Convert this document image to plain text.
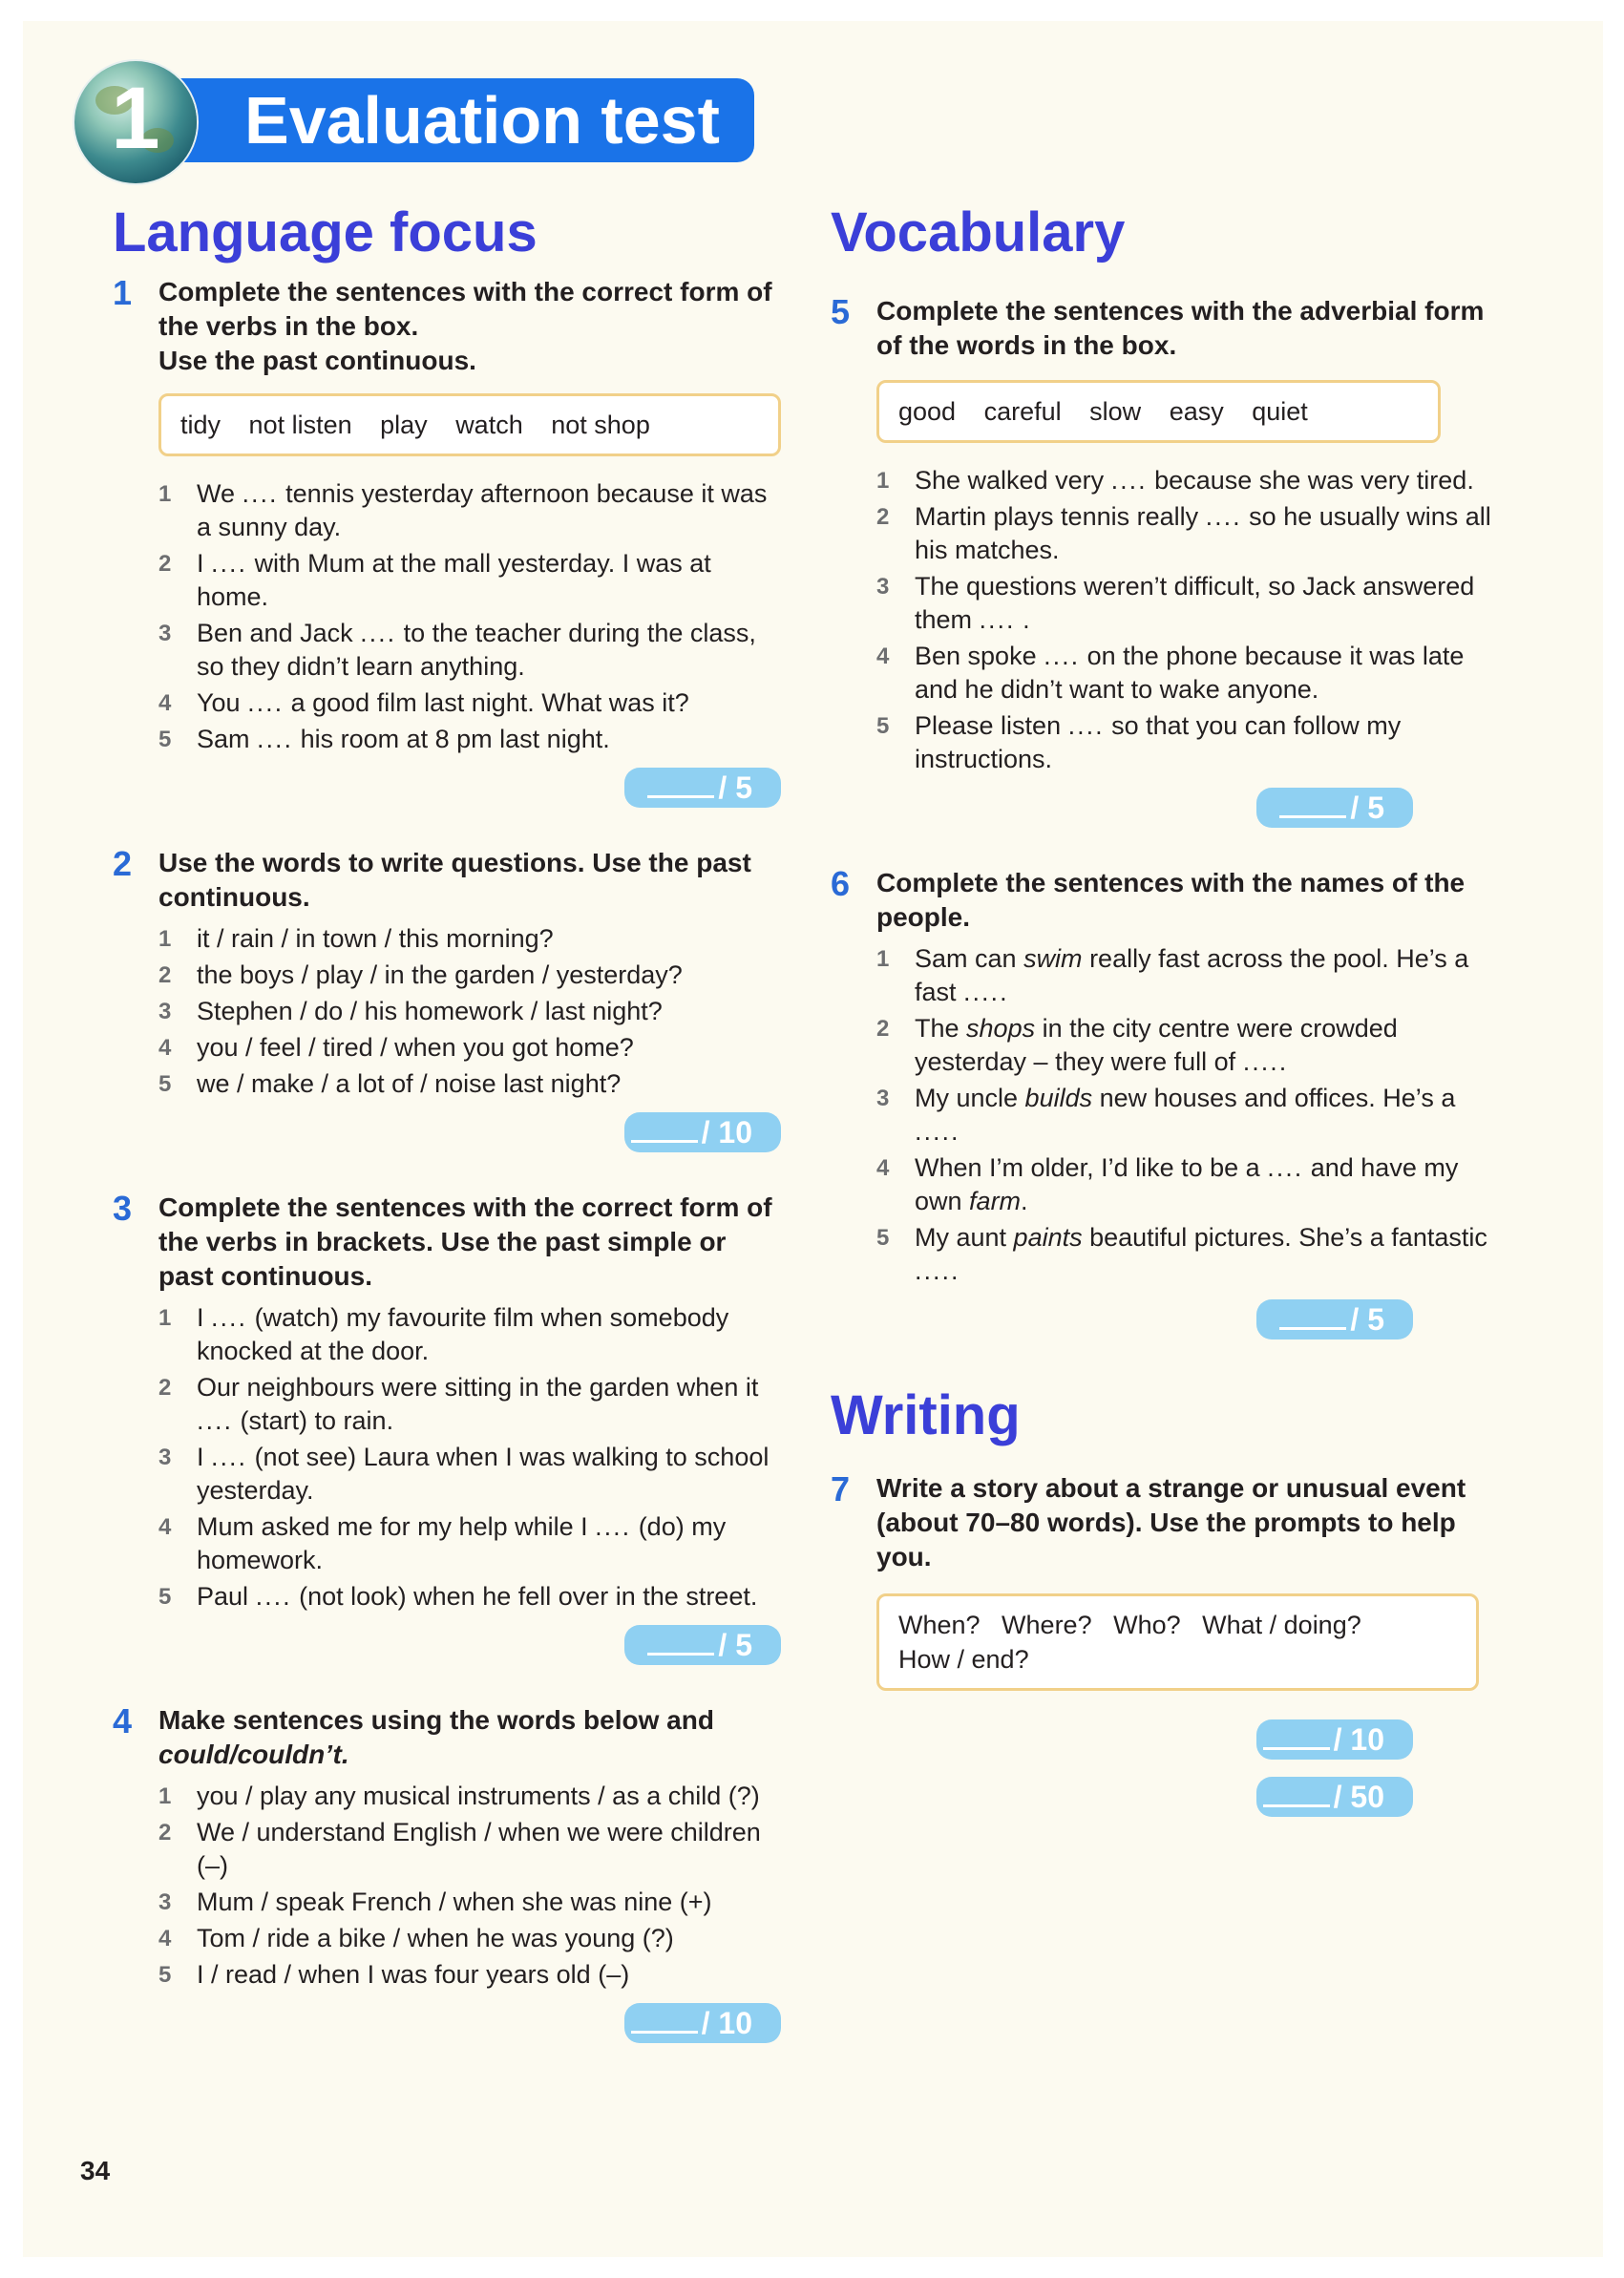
1	Evaluation test
Language focus
1 Complete the sentences with the correct form of the verbs in the box.
Use the past continuous.
tidy not listen play watch not shop
1 We .... tennis yesterday afternoon because it was a sunny day.
2 I .... with Mum at the mall yesterday. I was at home.
3 Ben and Jack .... to the teacher during the class, so they didn’t learn anything.
4 You .... a good film last night. What was it?
5 Sam .... his room at 8 pm last night.
/ 5
2 Use the words to write questions. Use the past continuous.
1 it / rain / in town / this morning?
2 the boys / play / in the garden / yesterday?
3 Stephen / do / his homework / last night?
4 you / feel / tired / when you got home?
5 we / make / a lot of / noise last night?
/ 10
3 Complete the sentences with the correct form of the verbs in brackets. Use the past simple or past continuous.
1 I .... (watch) my favourite film when somebody knocked at the door.
2 Our neighbours were sitting in the garden when it .... (start) to rain.
3 I .... (not see) Laura when I was walking to school yesterday.
4 Mum asked me for my help while I .... (do) my homework.
5 Paul .... (not look) when he fell over in the street.
/ 5
4 Make sentences using the words below and
could/couldn’t.
1 you / play any musical instruments / as a child (?)
2 We / understand English / when we were children (–)
3 Mum / speak French / when she was nine (+)
4 Tom / ride a bike / when he was young (?)
5 I / read / when I was four years old (–)
/ 10
Vocabulary
5 Complete the sentences with the adverbial form of the words in the box.
good careful slow easy quiet
1 She walked very .... because she was very tired.
2 Martin plays tennis really .... so he usually wins all his matches.
3 The questions weren’t difficult, so Jack answered them .... .
4 Ben spoke .... on the phone because it was late and he didn’t want to wake anyone.
5 Please listen .... so that you can follow my instructions.
/ 5
6 Complete the sentences with the names of the people.
1 Sam can swim really fast across the pool. He’s a fast .....
2 The shops in the city centre were crowded yesterday – they were full of .....
3 My uncle builds new houses and offices. He’s a .....
4 When I’m older, I’d like to be a .... and have my own farm.
5 My aunt paints beautiful pictures. She’s a fantastic .....
/ 5
Writing
7 Write a story about a strange or unusual event (about 70–80 words). Use the prompts to help you.
When?   Where?   Who?   What / doing?
How / end?
/ 10
/ 50
34
